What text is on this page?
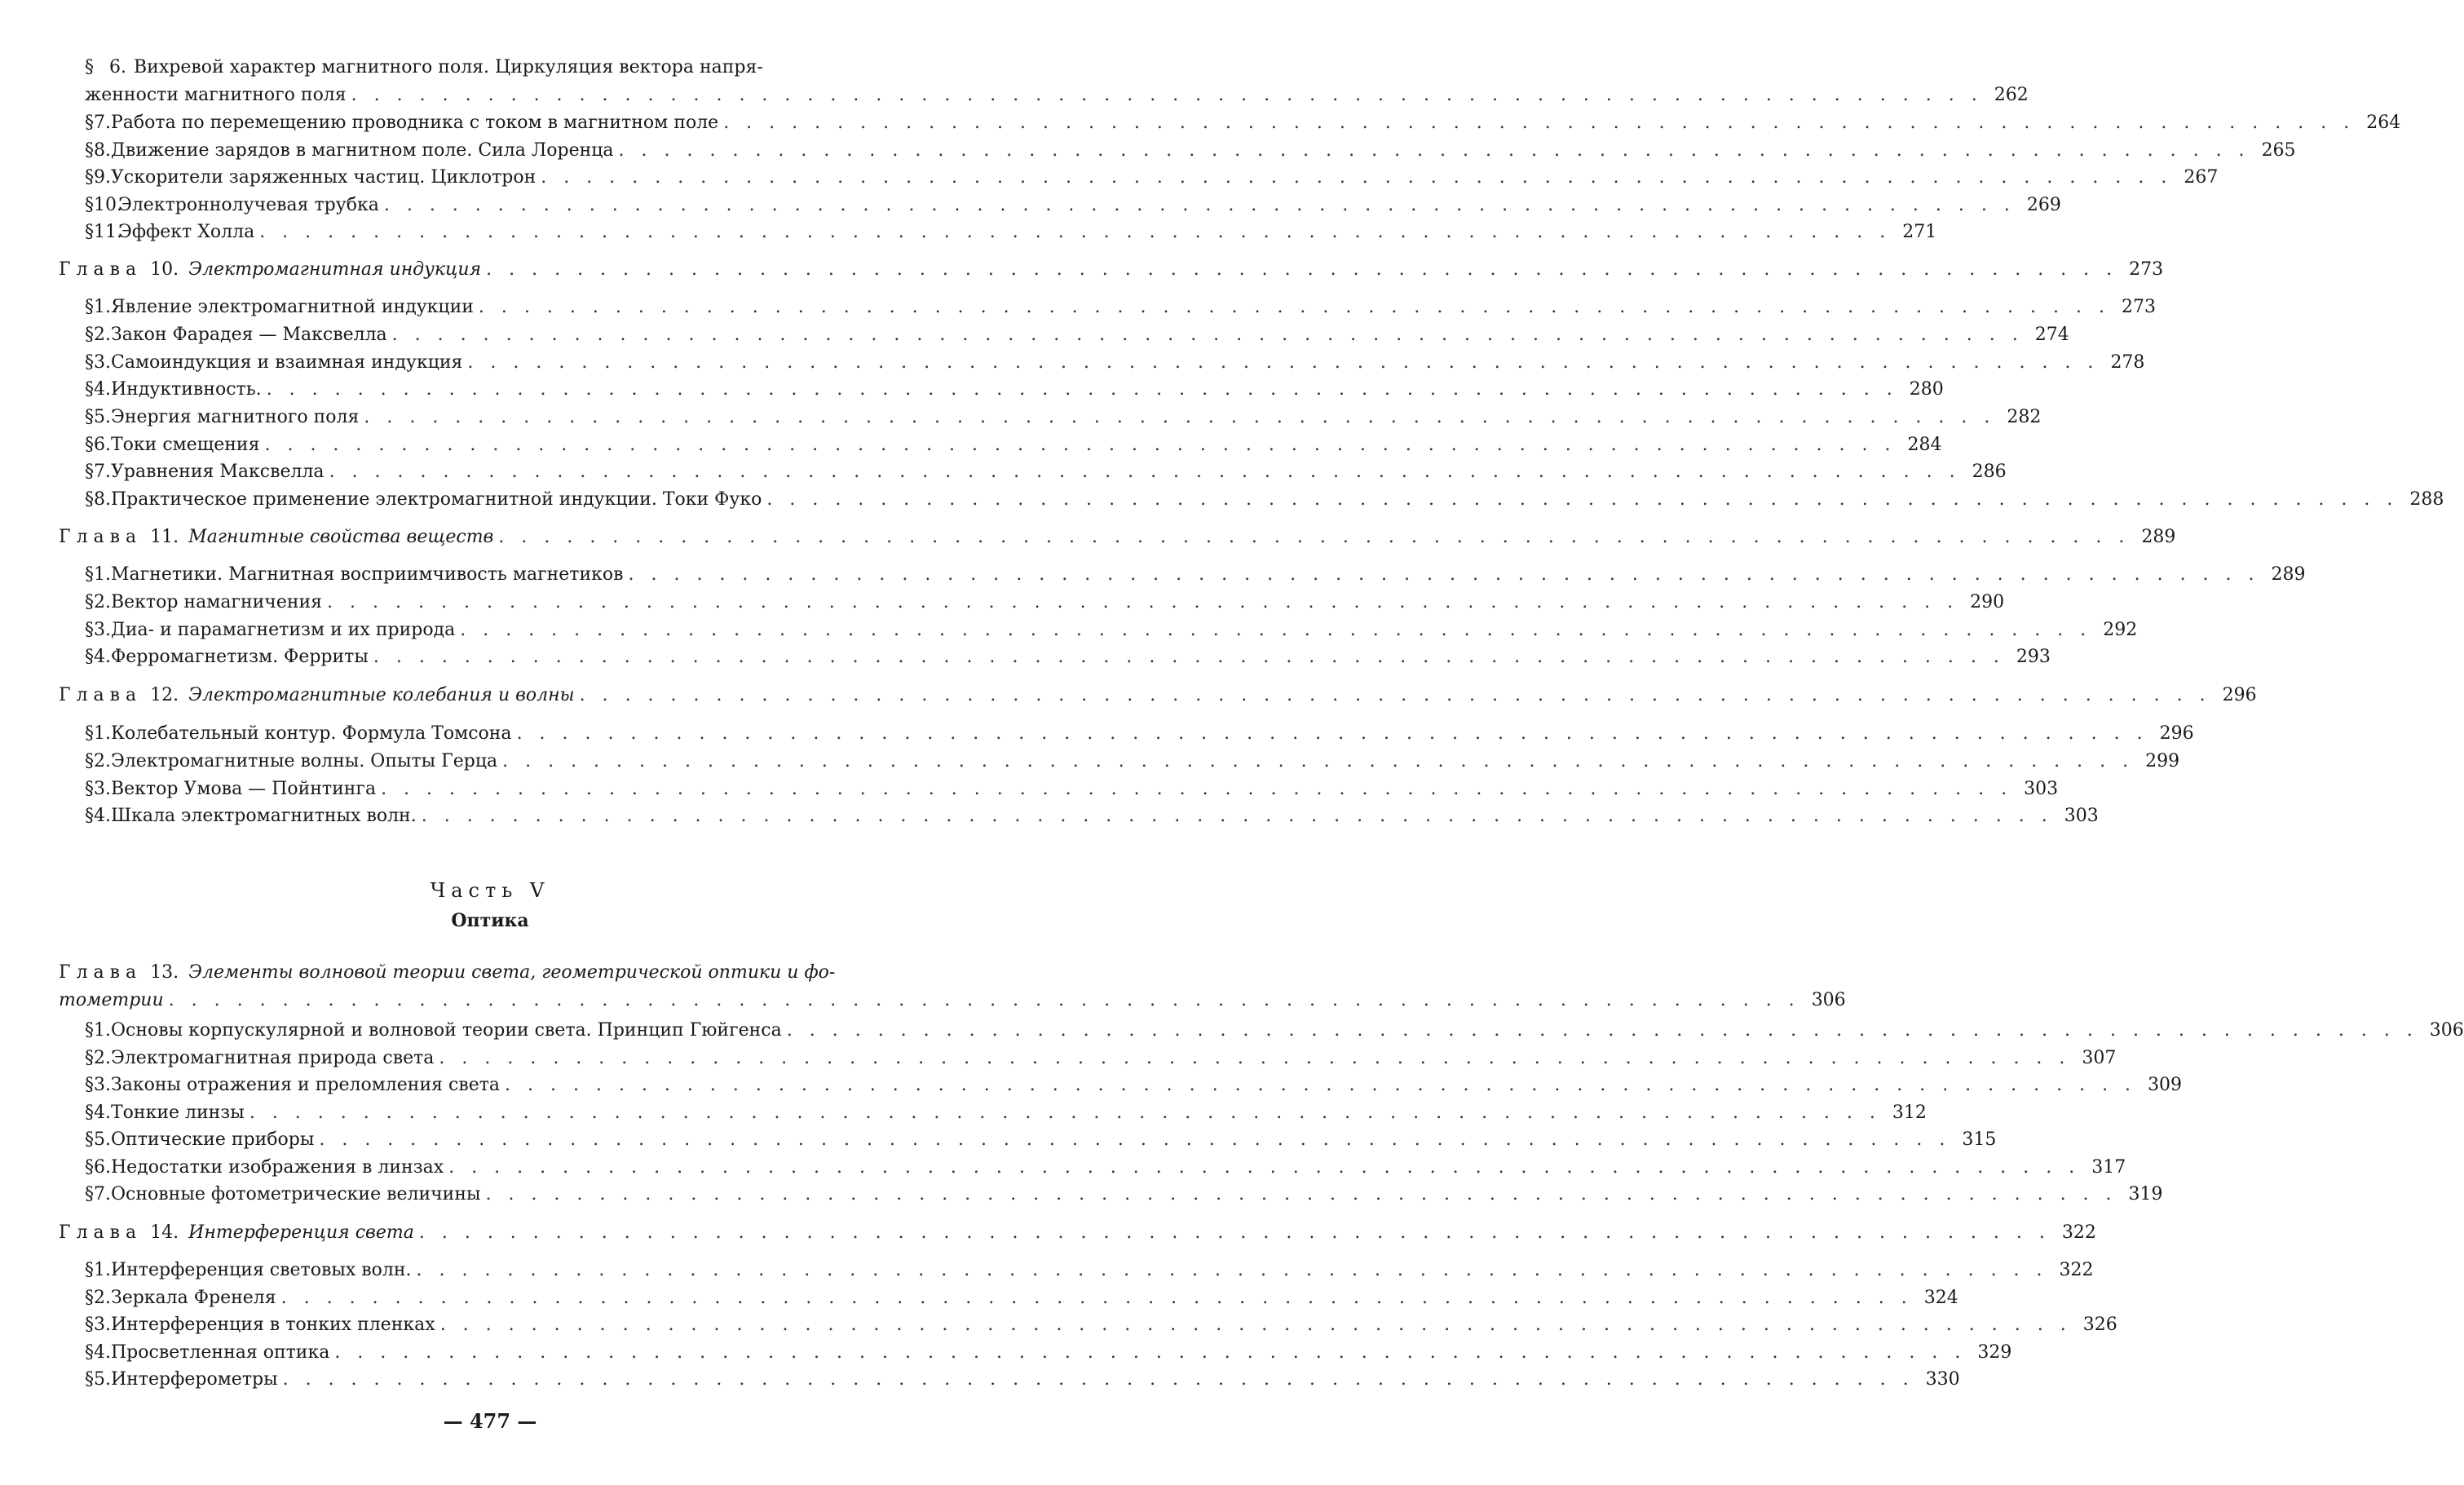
§ 6. Вихревой характер магнитного поля. Циркуляция вектора напря-
женности магнитного поля . . . . . . . . . . . . . . . . . . . . . . . . . . . . . . . . . . . . . . . . . . . . . . . . . . . . . . . . . . . . . . . . . . . . . . . . 262
§ 7. Работа по перемещению проводника с током в магнитном поле . . . . . . . . . . . . . . . . . . . . . . . . . . . . . . . . . . . . . . . . . . . . . . . . . . . . . . . . . . . . . . . . . . . . . . . . 264
§ 8. Движение зарядов в магнитном поле. Сила Лоренца . . . . . . . . . . . . . . . . . . . . . . . . . . . . . . . . . . . . . . . . . . . . . . . . . . . . . . . . . . . . . . . . . . . . . . . . 265
§ 9. Ускорители заряженных частиц. Циклотрон . . . . . . . . . . . . . . . . . . . . . . . . . . . . . . . . . . . . . . . . . . . . . . . . . . . . . . . . . . . . . . . . . . . . . . . . 267
§ 10.
Электроннолучевая трубка . . . . . . . . . . . . . . . . . . . . . . . . . . . . . . . . . . . . . . . . . . . . . . . . . . . . . . . . . . . . . . . . . . . . . . . . 269
§ 11.
Эффект Холла . . . . . . . . . . . . . . . . . . . . . . . . . . . . . . . . . . . . . . . . . . . . . . . . . . . . . . . . . . . . . . . . . . . . . . . . 271
Глава 10. Электромагнитная индукция . . . . . . . . . . . . . . . . . . . . . . . . . . . . . . . . . . . . . . . . . . . . . . . . . . . . . . . . . . . . . . . . . . . . . . . . 273
§ 1. Явление электромагнитной индукции . . . . . . . . . . . . . . . . . . . . . . . . . . . . . . . . . . . . . . . . . . . . . . . . . . . . . . . . . . . . . . . . . . . . . . . . 273
§ 2. Закон Фарадея — Максвелла . . . . . . . . . . . . . . . . . . . . . . . . . . . . . . . . . . . . . . . . . . . . . . . . . . . . . . . . . . . . . . . . . . . . . . . . 274
§ 3. Самоиндукция и взаимная индукция . . . . . . . . . . . . . . . . . . . . . . . . . . . . . . . . . . . . . . . . . . . . . . . . . . . . . . . . . . . . . . . . . . . . . . . . 278
§ 4. Индуктивность. . . . . . . . . . . . . . . . . . . . . . . . . . . . . . . . . . . . . . . . . . . . . . . . . . . . . . . . . . . . . . . . . . . . . . . . . 280
§ 5. Энергия магнитного поля . . . . . . . . . . . . . . . . . . . . . . . . . . . . . . . . . . . . . . . . . . . . . . . . . . . . . . . . . . . . . . . . . . . . . . . . 282
§ 6. Токи смещения . . . . . . . . . . . . . . . . . . . . . . . . . . . . . . . . . . . . . . . . . . . . . . . . . . . . . . . . . . . . . . . . . . . . . . . . 284
§ 7. Уравнения Максвелла . . . . . . . . . . . . . . . . . . . . . . . . . . . . . . . . . . . . . . . . . . . . . . . . . . . . . . . . . . . . . . . . . . . . . . . . 286
§ 8. Практическое применение электромагнитной индукции. Токи Фуко . . . . . . . . . . . . . . . . . . . . . . . . . . . . . . . . . . . . . . . . . . . . . . . . . . . . . . . . . . . . . . . . . . . . . . . . 288
Глава 11. Магнитные свойства веществ . . . . . . . . . . . . . . . . . . . . . . . . . . . . . . . . . . . . . . . . . . . . . . . . . . . . . . . . . . . . . . . . . . . . . . . . 289
§ 1. Магнетики. Магнитная восприимчивость магнетиков . . . . . . . . . . . . . . . . . . . . . . . . . . . . . . . . . . . . . . . . . . . . . . . . . . . . . . . . . . . . . . . . . . . . . . . . 289
§ 2. Вектор намагничения . . . . . . . . . . . . . . . . . . . . . . . . . . . . . . . . . . . . . . . . . . . . . . . . . . . . . . . . . . . . . . . . . . . . . . . . 290
§ 3. Диа- и парамагнетизм и их природа . . . . . . . . . . . . . . . . . . . . . . . . . . . . . . . . . . . . . . . . . . . . . . . . . . . . . . . . . . . . . . . . . . . . . . . . 292
§ 4. Ферромагнетизм. Ферриты . . . . . . . . . . . . . . . . . . . . . . . . . . . . . . . . . . . . . . . . . . . . . . . . . . . . . . . . . . . . . . . . . . . . . . . . 293
Глава 12. Электромагнитные колебания и волны . . . . . . . . . . . . . . . . . . . . . . . . . . . . . . . . . . . . . . . . . . . . . . . . . . . . . . . . . . . . . . . . . . . . . . . . 296
§ 1. Колебательный контур. Формула Томсона . . . . . . . . . . . . . . . . . . . . . . . . . . . . . . . . . . . . . . . . . . . . . . . . . . . . . . . . . . . . . . . . . . . . . . . . 296
§ 2. Электромагнитные волны. Опыты Герца . . . . . . . . . . . . . . . . . . . . . . . . . . . . . . . . . . . . . . . . . . . . . . . . . . . . . . . . . . . . . . . . . . . . . . . . 299
§ 3. Вектор Умова — Пойнтинга . . . . . . . . . . . . . . . . . . . . . . . . . . . . . . . . . . . . . . . . . . . . . . . . . . . . . . . . . . . . . . . . . . . . . . . . 303
§ 4. Шкала электромагнитных волн. . . . . . . . . . . . . . . . . . . . . . . . . . . . . . . . . . . . . . . . . . . . . . . . . . . . . . . . . . . . . . . . . . . . . . . . . 303
Часть V
Оптика
Глава 13. Элементы волновой теории света, геометрической оптики и фо-
тометрии . . . . . . . . . . . . . . . . . . . . . . . . . . . . . . . . . . . . . . . . . . . . . . . . . . . . . . . . . . . . . . . . . . . . . . . . 306
§ 1. Основы корпускулярной и волновой теории света. Принцип Гюйгенса . . . . . . . . . . . . . . . . . . . . . . . . . . . . . . . . . . . . . . . . . . . . . . . . . . . . . . . . . . . . . . . . . . . . . . . . 306
§ 2. Электромагнитная природа света . . . . . . . . . . . . . . . . . . . . . . . . . . . . . . . . . . . . . . . . . . . . . . . . . . . . . . . . . . . . . . . . . . . . . . . . 307
§ 3. Законы отражения и преломления света . . . . . . . . . . . . . . . . . . . . . . . . . . . . . . . . . . . . . . . . . . . . . . . . . . . . . . . . . . . . . . . . . . . . . . . . 309
§ 4. Тонкие линзы . . . . . . . . . . . . . . . . . . . . . . . . . . . . . . . . . . . . . . . . . . . . . . . . . . . . . . . . . . . . . . . . . . . . . . . . 312
§ 5. Оптические приборы . . . . . . . . . . . . . . . . . . . . . . . . . . . . . . . . . . . . . . . . . . . . . . . . . . . . . . . . . . . . . . . . . . . . . . . . 315
§ 6. Недостатки изображения в линзах . . . . . . . . . . . . . . . . . . . . . . . . . . . . . . . . . . . . . . . . . . . . . . . . . . . . . . . . . . . . . . . . . . . . . . . . 317
§ 7. Основные фотометрические величины . . . . . . . . . . . . . . . . . . . . . . . . . . . . . . . . . . . . . . . . . . . . . . . . . . . . . . . . . . . . . . . . . . . . . . . . 319
Глава 14. Интерференция света . . . . . . . . . . . . . . . . . . . . . . . . . . . . . . . . . . . . . . . . . . . . . . . . . . . . . . . . . . . . . . . . . . . . . . . . 322
§ 1. Интерференция световых волн. . . . . . . . . . . . . . . . . . . . . . . . . . . . . . . . . . . . . . . . . . . . . . . . . . . . . . . . . . . . . . . . . . . . . . . . . 322
§ 2. Зеркала Френеля . . . . . . . . . . . . . . . . . . . . . . . . . . . . . . . . . . . . . . . . . . . . . . . . . . . . . . . . . . . . . . . . . . . . . . . . 324
§ 3. Интерференция в тонких пленках . . . . . . . . . . . . . . . . . . . . . . . . . . . . . . . . . . . . . . . . . . . . . . . . . . . . . . . . . . . . . . . . . . . . . . . . 326
§ 4. Просветленная оптика . . . . . . . . . . . . . . . . . . . . . . . . . . . . . . . . . . . . . . . . . . . . . . . . . . . . . . . . . . . . . . . . . . . . . . . . 329
§ 5. Интерферометры . . . . . . . . . . . . . . . . . . . . . . . . . . . . . . . . . . . . . . . . . . . . . . . . . . . . . . . . . . . . . . . . . . . . . . . . 330
— 477 —
